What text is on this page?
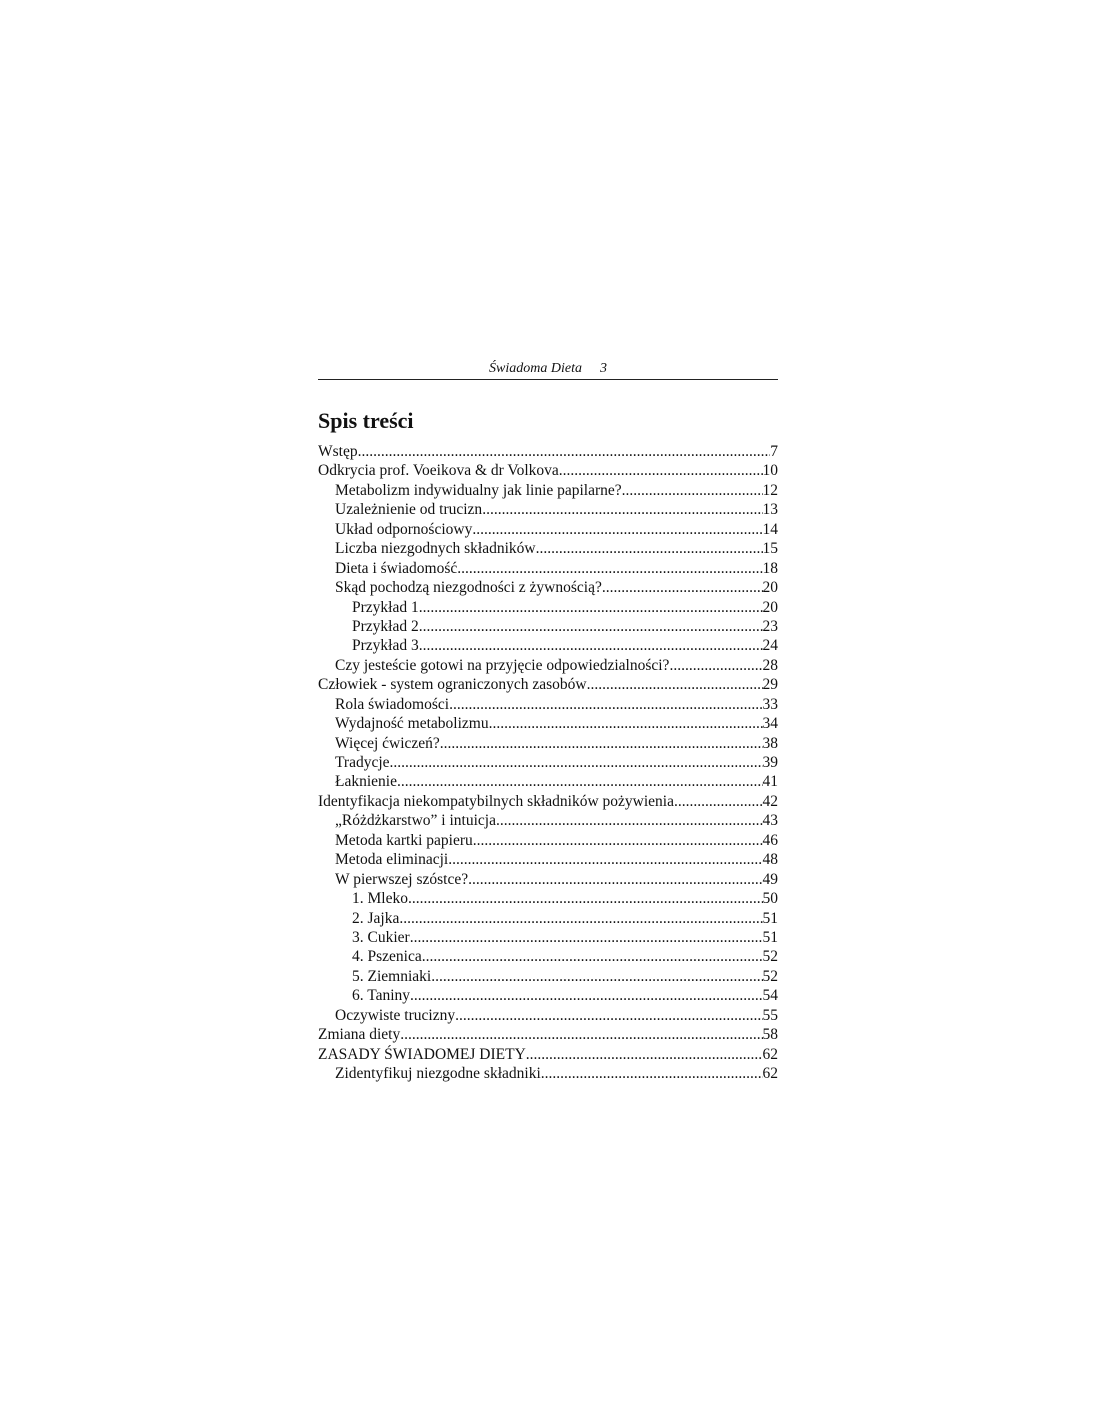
Świadoma Dieta 3
Spis treści
Wstęp .....	7
Odkrycia prof. Voeikova & dr Volkova .....	10
Metabolizm indywidualny jak linie papilarne? .....	12
Uzależnienie od trucizn .....	13
Układ odpornościowy .....	14
Liczba niezgodnych składników .....	15
Dieta i świadomość .....	18
Skąd pochodzą niezgodności z żywnością? .....	20
Przykład 1 .....	20
Przykład 2 .....	23
Przykład 3 .....	24
Czy jesteście gotowi na przyjęcie odpowiedzialności? .....	28
Człowiek - system ograniczonych zasobów .....	29
Rola świadomości .....	33
Wydajność metabolizmu .....	34
Więcej ćwiczeń? .....	38
Tradycje .....	39
Łaknienie .....	41
Identyfikacja niekompatybilnych składników pożywienia .....	42
„Różdżkarstwo” i intuicja .....	43
Metoda kartki papieru .....	46
Metoda eliminacji .....	48
W pierwszej szóstce? .....	49
1. Mleko .....	50
2. Jajka .....	51
3. Cukier .....	51
4. Pszenica .....	52
5. Ziemniaki. .....	52
6. Taniny .....	54
Oczywiste trucizny .....	55
Zmiana diety .....	58
ZASADY ŚWIADOMEJ DIETY .....	62
Zidentyfikuj niezgodne składniki .....	62
